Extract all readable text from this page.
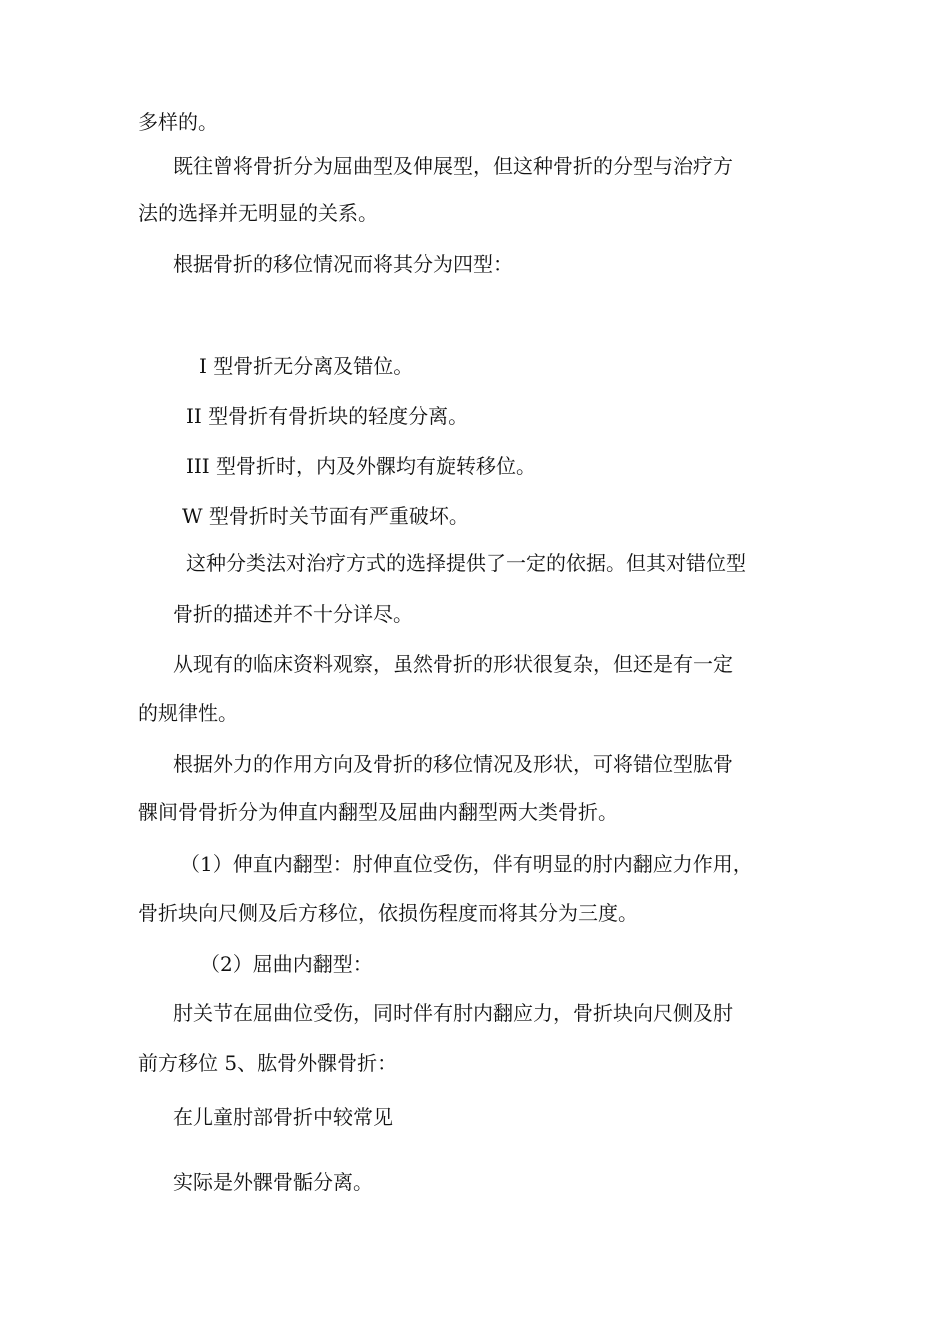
多样的。

既往曾将骨折分为屈曲型及伸展型，但这种骨折的分型与治疗方

法的选择并无明显的关系。

根据骨折的移位情况而将其分为四型：

I 型骨折无分离及错位。

II 型骨折有骨折块的轻度分离。

III 型骨折时，内及外髁均有旋转移位。

W 型骨折时关节面有严重破坏。

这种分类法对治疗方式的选择提供了一定的依据。但其对错位型

骨折的描述并不十分详尽。

从现有的临床资料观察，虽然骨折的形状很复杂，但还是有一定

的规律性。

根据外力的作用方向及骨折的移位情况及形状，可将错位型肱骨

髁间骨骨折分为伸直内翻型及屈曲内翻型两大类骨折。

（1）伸直内翻型：肘伸直位受伤，伴有明显的肘内翻应力作用，

骨折块向尺侧及后方移位，依损伤程度而将其分为三度。

（2）屈曲内翻型：

肘关节在屈曲位受伤，同时伴有肘内翻应力，骨折块向尺侧及肘

前方移位 5、肱骨外髁骨折：

在儿童肘部骨折中较常见

实际是外髁骨骺分离。
